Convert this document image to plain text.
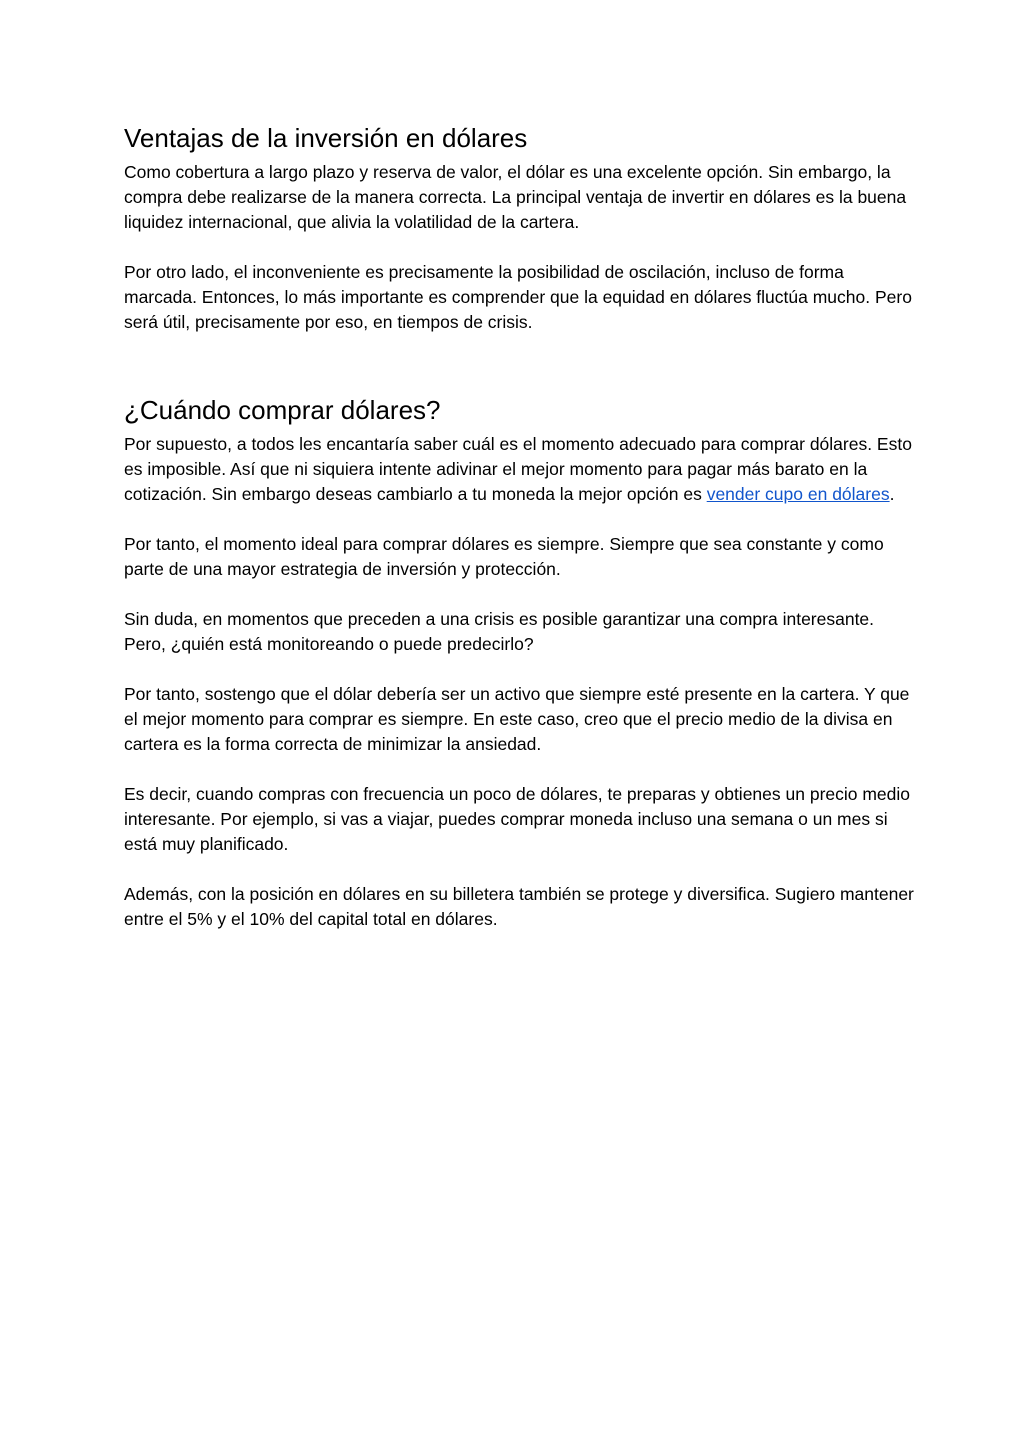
Ventajas de la inversión en dólares

Como cobertura a largo plazo y reserva de valor, el dólar es una excelente opción. Sin embargo, la compra debe realizarse de la manera correcta. La principal ventaja de invertir en dólares es la buena liquidez internacional, que alivia la volatilidad de la cartera.

Por otro lado, el inconveniente es precisamente la posibilidad de oscilación, incluso de forma marcada. Entonces, lo más importante es comprender que la equidad en dólares fluctúa mucho. Pero será útil, precisamente por eso, en tiempos de crisis.

¿Cuándo comprar dólares?

Por supuesto, a todos les encantaría saber cuál es el momento adecuado para comprar dólares. Esto es imposible. Así que ni siquiera intente adivinar el mejor momento para pagar más barato en la cotización. Sin embargo deseas cambiarlo a tu moneda la mejor opción es vender cupo en dólares.

Por tanto, el momento ideal para comprar dólares es siempre. Siempre que sea constante y como parte de una mayor estrategia de inversión y protección.

Sin duda, en momentos que preceden a una crisis es posible garantizar una compra interesante. Pero, ¿quién está monitoreando o puede predecirlo?

Por tanto, sostengo que el dólar debería ser un activo que siempre esté presente en la cartera. Y que el mejor momento para comprar es siempre. En este caso, creo que el precio medio de la divisa en cartera es la forma correcta de minimizar la ansiedad.

Es decir, cuando compras con frecuencia un poco de dólares, te preparas y obtienes un precio medio interesante. Por ejemplo, si vas a viajar, puedes comprar moneda incluso una semana o un mes si está muy planificado.

Además, con la posición en dólares en su billetera también se protege y diversifica. Sugiero mantener entre el 5% y el 10% del capital total en dólares.
